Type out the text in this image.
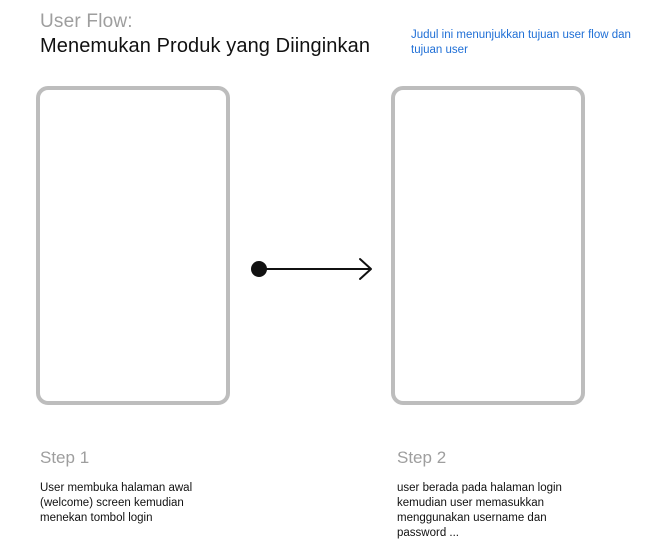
User Flow:
Menemukan Produk yang Diinginkan	Judul ini menunjukkan tujuan user flow dan tujuan user
Step 1
User membuka halaman awal
(welcome) screen kemudian
menekan tombol login
Step 2
user berada pada halaman login
kemudian user memasukkan
menggunakan username dan
password ...
